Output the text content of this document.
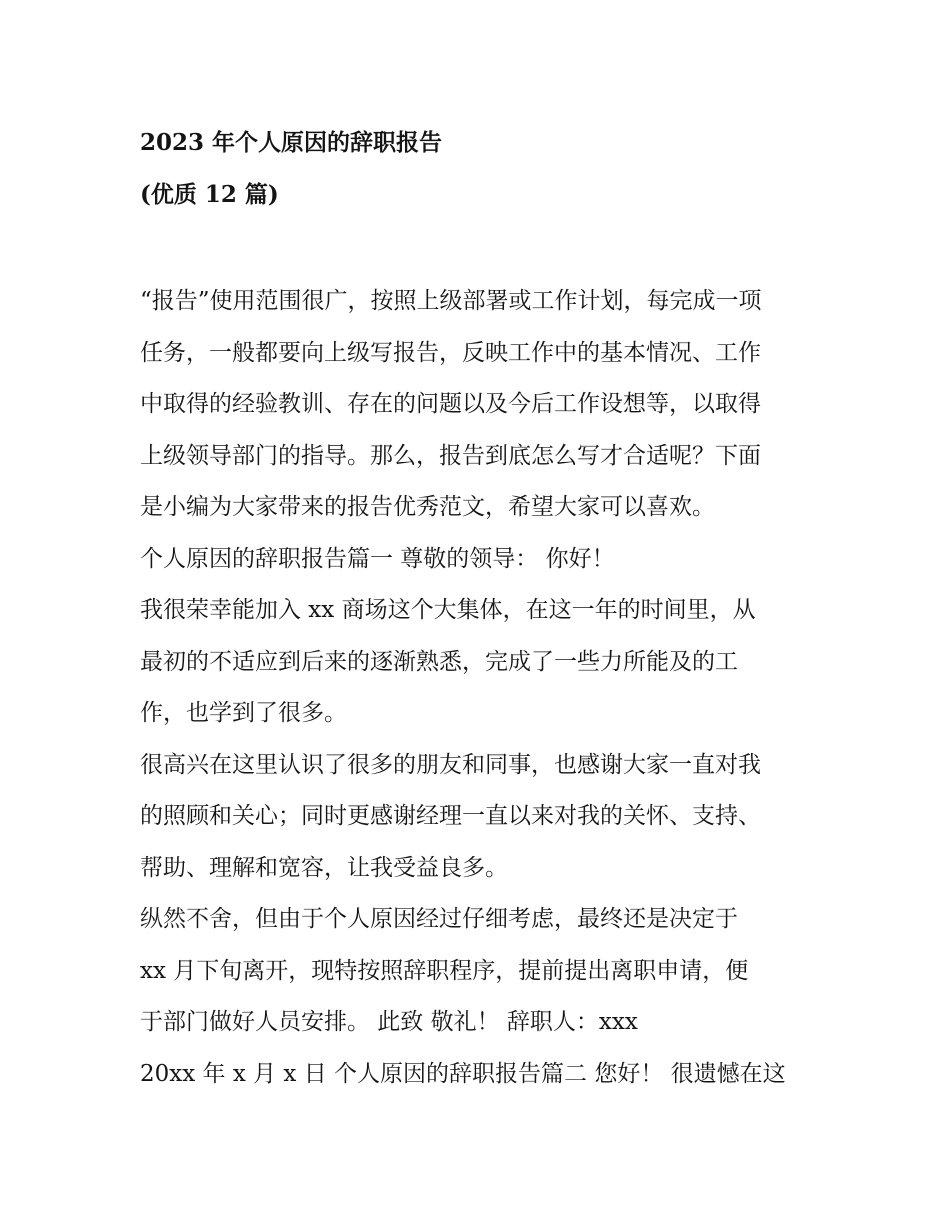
2023 年个人原因的辞职报告
(优质 12 篇)
“报告”使用范围很广，按照上级部署或工作计划，每完成一项
任务，一般都要向上级写报告，反映工作中的基本情况、工作
中取得的经验教训、存在的问题以及今后工作设想等，以取得
上级领导部门的指导。那么，报告到底怎么写才合适呢？下面
是小编为大家带来的报告优秀范文，希望大家可以喜欢。
个人原因的辞职报告篇一 尊敬的领导： 你好！
我很荣幸能加入 xx 商场这个大集体，在这一年的时间里，从
最初的不适应到后来的逐渐熟悉，完成了一些力所能及的工
作，也学到了很多。
很高兴在这里认识了很多的朋友和同事，也感谢大家一直对我
的照顾和关心；同时更感谢经理一直以来对我的关怀、支持、
帮助、理解和宽容，让我受益良多。
纵然不舍，但由于个人原因经过仔细考虑，最终还是决定于
xx 月下旬离开，现特按照辞职程序，提前提出离职申请，便
于部门做好人员安排。 此致 敬礼！ 辞职人：xxx
20xx 年 x 月 x 日 个人原因的辞职报告篇二 您好！ 很遗憾在这
